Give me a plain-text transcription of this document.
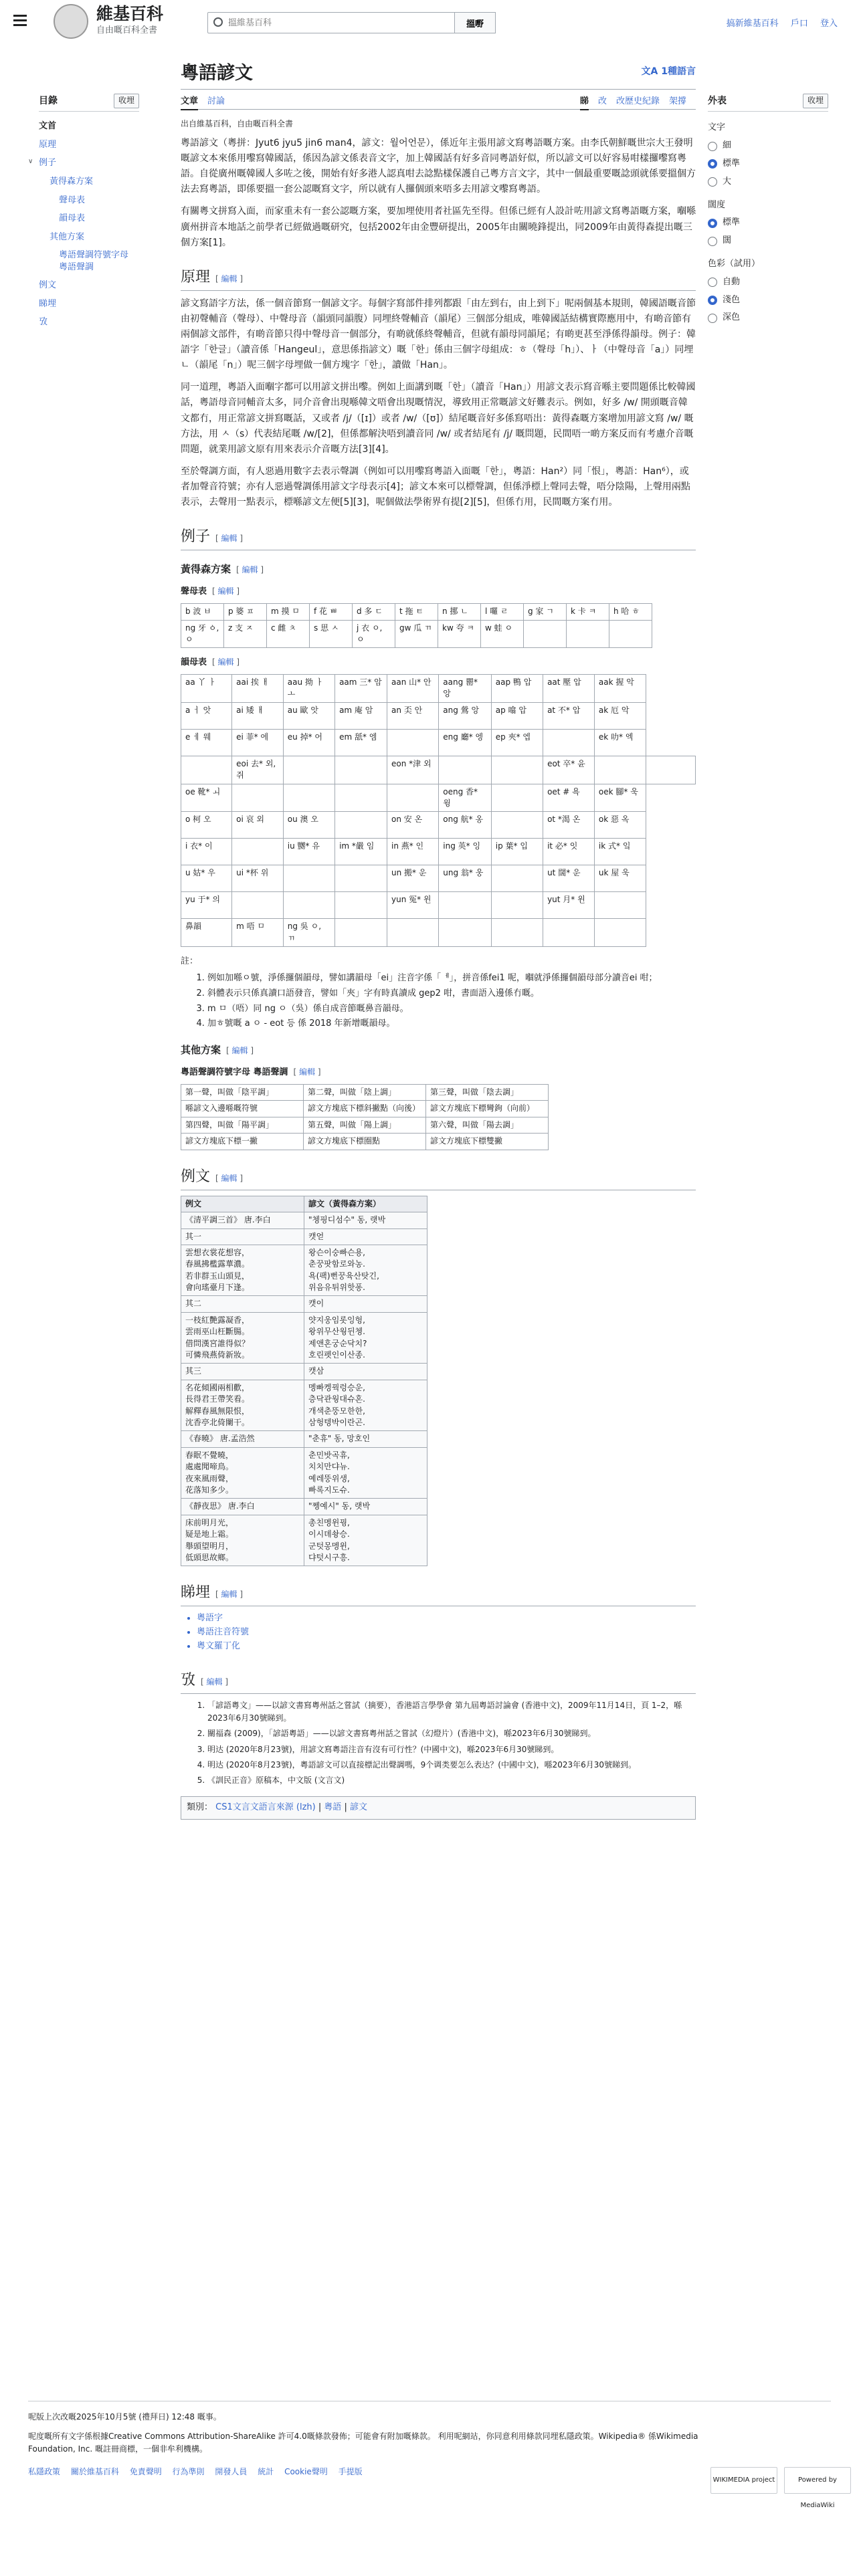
維基百科
自由嘅百科全書
搵維基百科
搵嘢	搞新維基百科 戶口 登入
目錄	收埋
文首
原理
∨ 例子
黃得森方案
聲母表
韻母表
其他方案
粵語聲調符號字母 粵語聲調
例文
睇埋
攷
外表	收埋
文字
細
標準
大
闊度
標準
闊
色彩（試用）
自動
淺色
深色
粵語諺文	文A 1種語言
文章 討論	睇 改 改歷史紀錄 架撐
出自維基百科，自由嘅百科全書

粵語諺文（粵拼：Jyut6 jyu5 jin6 man4，諺文：월어언문），係近年主張用諺文寫粵語嘅方案。由李氏朝鮮嘅世宗大王發明嘅諺文本來係用嚟寫韓國話，係因為諺文係表音文字，加上韓國話有好多音同粵語好似，所以諺文可以好容易咁樣攞嚟寫粵語。自從廣州嘅韓國人多咗之後，開始有好多港人認真咁去諗點樣保護自己粵方言文字，其中一個最重要嘅諗頭就係要搵個方法去寫粵語，即係要搵一套公認嘅寫文字，所以就有人攞個頭來唔多去用諺文嚟寫粵語。

有關粵文拼寫入面，而家重未有一套公認嘅方案，要加埋使用者社區先至得。但係已經有人設計咗用諺文寫粵語嘅方案，嗰喺廣州拼音本地話之前學者已經做過嘅研究，包括2002年由金豐研提出，2005年由關曉鋒提出，同2009年由黃得森提出嘅三個方案[1]。

原理 [ 編輯 ]

諺文寫語字方法，係一個音節寫一個諺文字。每個字寫部件排列都跟「由左到右，由上到下」呢兩個基本規則，韓國語嘅音節由初聲輔音（聲母）、中聲母音（韻頭同韻腹）同埋終聲輔音（韻尾）三個部分組成，唯韓國話結構實際應用中，有啲音節有兩個諺文部件，有啲音節只得中聲母音一個部分，有啲就係終聲輔音，但就有韻母同韻尾；有啲更甚至淨係得韻母。例子：韓語字「한글」（讀音係「Hangeul」，意思係指諺文）嘅「한」係由三個字母組成：ㅎ（聲母「h」）、ㅏ（中聲母音「a」）同埋ㄴ（韻尾「n」）呢三個字母埋做一個方塊字「한」，讀做「Han」。

同一道理，粵語入面嗰字都可以用諺文拼出嚟。例如上面講到嘅「한」（讀音「Han」）用諺文表示寫音喺主要問題係比較韓國話，粵語母音同輔音太多，同介音會出現喺韓文唔會出現嘅情況，導致用正常嘅諺文好難表示。例如，好多 /w/ 開頭嘅音韓文都冇，用正常諺文拼寫嘅話，又或者 /j/（[ɪ]）或者 /w/（[ʊ]）結尾嘅音好多係寫唔出：黃得森嘅方案增加用諺文寫 /w/ 嘅方法，用 ㅅ（s）代表結尾嘅 /w/[2]，但係都解決唔到讀音同 /w/ 或者結尾有 /j/ 嘅問題，民間唔一啲方案反而有考慮介音嘅問題，就業用諺文原有用來表示介音嘅方法[3][4]。

至於聲調方面，有人惡過用數字去表示聲調（例如可以用嚟寫粵語入面嘅「한」，粵語：Han²）同「恨」，粵語：Han⁶），或者加聲音符號；亦有人惡過聲調係用諺文字母表示[4]；諺文本來可以標聲調，但係淨標上聲同去聲，唔分陰陽，上聲用兩點表示，去聲用一點表示，標喺諺文左便[5][3]，呢個做法學術界有提[2][5]，但係冇用，民間嘅方案冇用。

例子 [ 編輯 ]
黃得森方案 [ 編輯 ]
聲母表 [ 編輯 ]
b 波 ㅂ	p 婆 ㅍ	m 摸 ㅁ	f 花 ㅃ	d 多 ㄷ	t 拖 ㅌ	n 挪 ㄴ	l 囉 ㄹ	g 家 ㄱ	k 卡 ㅋ	h 哈 ㅎ
ng 牙 ㆁ, ㅇ	z 支 ㅈ	c 雌 ㅊ	s 思 ㅅ	j 衣 ㅇ, ㅇ	gw 瓜 ㄲ	kw 夸 ㅋ	w 蛙 ㅇ			
韻母表 [ 編輯 ]
aa 丫 ㅏ	aai 挨 ㅐ	aau 拗 ㅏㅗ	aam 三* 암	aan 山* 안	aang 罌* 앙	aap 鴨 압	aat 壓 압	aak 握 악	
a ㅓ 앗	ai 矮 ㅐ	au 歐 앗	am 庵 암	an 奀 안	ang 鶯 앙	ap 噏 압	at 不* 압	ak 厄 악	
e ㅔ 웨	ei 菲* 에	eu 掉* 어	em 舐* 엠		eng 廳* 엥	ep 夾* 엡		ek 叻* 엑	
	eoi 去* 외, 쥐			eon *津 외			eot 卒* 윤		
oe 靴* ㅚ					oeng 香* 윙		oet # 욕	oek 腳* 욱	
o 柯 오	oi 哀 외	ou 澳 오		on 安 온	ong 航* 옹		ot *渴 온	ok 惡 옥	
i 衣* 이		iu 嬲* 유	im *嚴 임	in 燕* 인	ing 英* 잉	ip 葉* 입	it 必* 잇	ik 式* 잌	
u 姑* 우	ui *杯 위			un 搬* 운	ung 翁* 웅		ut 闊* 운	uk 屋 욱	
yu 于* 의				yun 冤* 윈			yut 月* 윈		
鼻韻	m 唔 ㅁ	ng 吳 ㅇ, ㄲ							
註：
1. 例如加喺ㅇ號，淨係攞個韻母，譬如講韻母「ei」注音字係「ᅦ」，拼音係fei1 呢，嗰就淨係攞個韻母部分讀音ei 咁；
2. 斜體表示只係真讀口語發音，譬如「夾」字有時真讀成 gep2 咁，書面語入邊係冇嘅。
3. m ㅁ（唔）同 ng ㅇ（吳）係自成音節嘅鼻音韻母。
4. 加ㅎ號嘅 a ㅇ - eot 등 係 2018 年新增嘅韻母。
其他方案 [ 編輯 ]
粵語聲調符號字母 粵語聲調 [ 編輯 ]
第一聲，叫做「陰平調」	第二聲，叫做「陰上調」	第三聲，叫做「陰去調」
喺諺文入邊喺嘅符號	諺文方塊底下標斜撇點（向後）	諺文方塊底下標彎鉤（向前）
第四聲，叫做「陽平調」	第五聲，叫做「陽上調」	第六聲，叫做「陽去調」
諺文方塊底下標一撇	諺文方塊底下標圈點	諺文方塊底下標雙撇
例文 [ 編輯 ]
例文	諺文（黃得森方案）
《清平調三首》 唐.李白	"쳉핑디섬수" 동, 랫박
其一	캣얻
雲想衣裳花想容，
春風拂檻露華濃。
若非群玉山頭見，
會向瑤臺月下逢。	왕슨이숭빠슨용,
춘꿍팟함로와농.
욕(팩)뻔꿍육산탓긴,
위음유튀위핫퐁.
其二	캣이
一枝紅艷露凝香，
雲雨巫山枉斷腸。
借問漢宮誰得似？
可憐飛燕倚新妝。	얏지웅임롯잉헝,
왕위무산웡뒨쳉.
제앤혼궁순닥치?
호린펫인이산종.
其三	캣삼
名花傾國兩相歡，
長得君王帶笑看。
解釋春風無限恨，
沈香亭北倚闌干。	멩빠켕꿕렁승운,
층닥관웡대슈혼.
개색춘뚱모한한,
삼헝텡박이란곤.
《春曉》 唐.孟浩然	"춘휴" 동, 망호인
春眠不覺曉，
處處聞啼鳥。
夜來風雨聲，
花落知多少。	춘민밧곡휴,
치치만댜뉴.
예레뚱위생,
빠록지도슈.
《靜夜思》 唐.李白	"쩽예시" 동, 랫박
床前明月光，
疑是地上霜。
舉頭望明月，
低頭思故鄉。	총친멩윈꿩,
이시뎨솽승.
군텃몽멩윈,
댜텃시구흥.
睇埋 [ 編輯 ]
• 粵語字
• 粵語注音符號
• 粵文羅丁化
攷 [ 編輯 ]
1. 「諺語粵文」——以諺文書寫粵州話之嘗試（摘要），香港語言學學會 第九屆粵語討論會 (香港中文)，2009年11月14日，頁 1–2，喺2023年6月30號睇到。
2. 關福森 (2009)，「諺語粵語」——以諺文書寫粵州話之嘗試（幻燈片）(香港中文)，喺2023年6月30號睇到。
3. 明达 (2020年8月23號)，用諺文寫粵語注音有沒有可行性？(中國中文)，喺2023年6月30號睇到。
4. 明达 (2020年8月23號)，粵語諺文可以直接標記出聲調嗎，9个调类要怎么表达？(中國中文)，喺2023年6月30號睇到。
5. 《訓民正音》原稿本，中文版 (文言文)
類別： CS1文言文語言來源 (lzh) | 粵語 | 諺文
呢版上次改嘅2025年10月5號 (禮拜日) 12:48 嘅事。
呢度嘅所有文字係根據Creative Commons Attribution-ShareAlike 許可4.0嘅條款發佈；可能會有附加嘅條款。 利用呢網站，你同意利用條款同埋私隱政策。Wikipedia® 係Wikimedia Foundation, Inc. 嘅註冊商標，一個非牟利機構。
私隱政策 關於維基百科 免責聲明 行為準則 開發人員 統計 Cookie聲明 手提版
WIKIMEDIA project	Powered by MediaWiki
